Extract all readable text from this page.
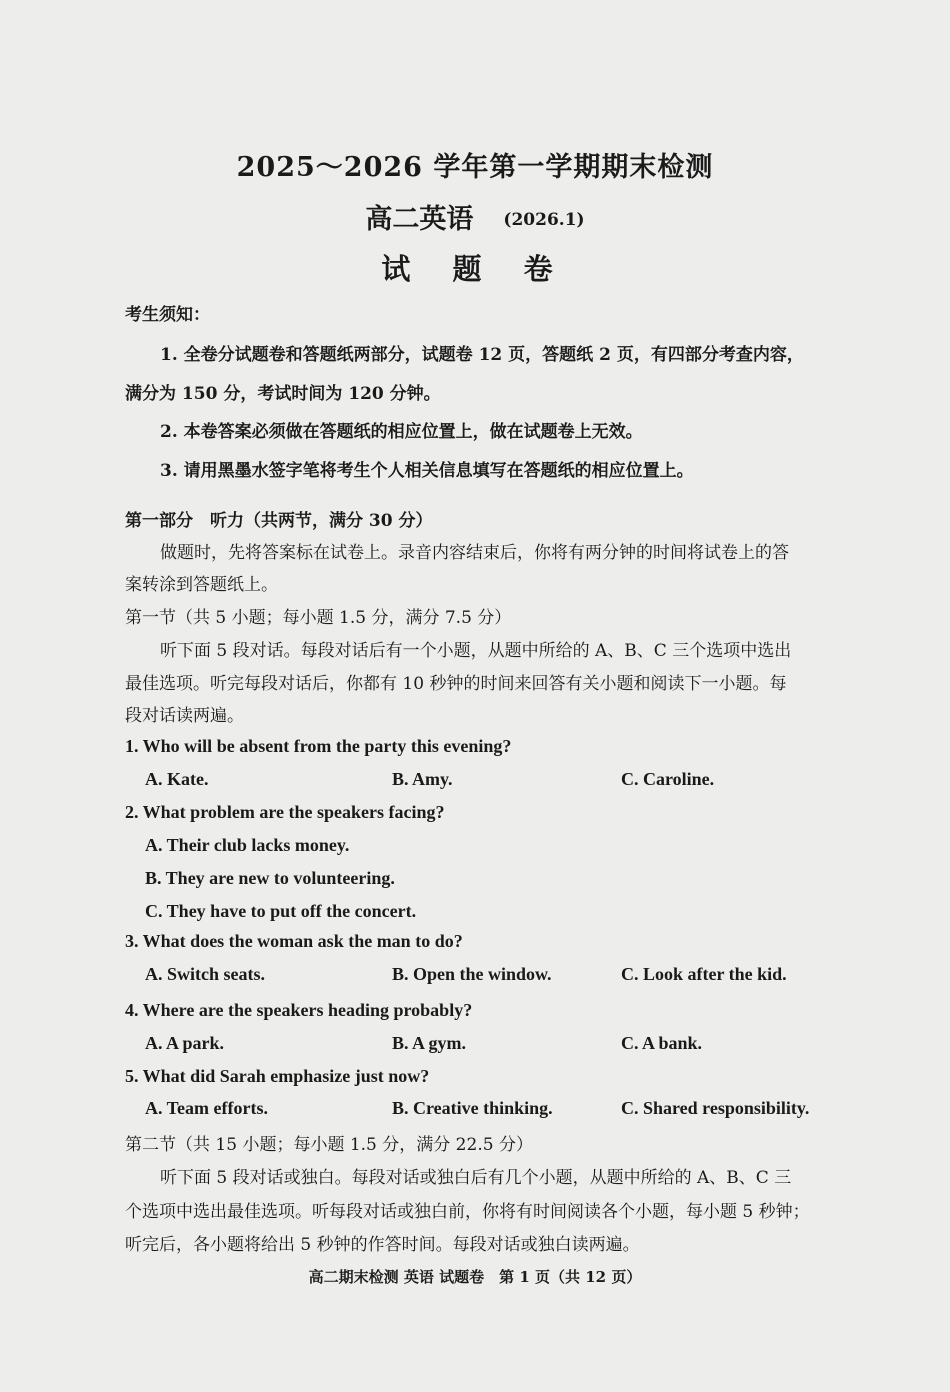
2025～2026 学年第一学期期末检测
高二英语 (2026.1)
试 题 卷
考生须知：
1. 全卷分试题卷和答题纸两部分，试题卷 12 页，答题纸 2 页，有四部分考查内容，
满分为 150 分，考试时间为 120 分钟。
2. 本卷答案必须做在答题纸的相应位置上，做在试题卷上无效。
3. 请用黑墨水签字笔将考生个人相关信息填写在答题纸的相应位置上。
第一部分　听力（共两节，满分 30 分）
做题时，先将答案标在试卷上。录音内容结束后，你将有两分钟的时间将试卷上的答
案转涂到答题纸上。
第一节（共 5 小题；每小题 1.5 分，满分 7.5 分）
听下面 5 段对话。每段对话后有一个小题，从题中所给的 A、B、C 三个选项中选出
最佳选项。听完每段对话后，你都有 10 秒钟的时间来回答有关小题和阅读下一小题。每
段对话读两遍。
1. Who will be absent from the party this evening?
A. Kate.	B. Amy.	C. Caroline.
2. What problem are the speakers facing?
A. Their club lacks money.
B. They are new to volunteering.
C. They have to put off the concert.
3. What does the woman ask the man to do?
A. Switch seats.	B. Open the window.	C. Look after the kid.
4. Where are the speakers heading probably?
A. A park.	B. A gym.	C. A bank.
5. What did Sarah emphasize just now?
A. Team efforts.	B. Creative thinking.	C. Shared responsibility.
第二节（共 15 小题；每小题 1.5 分，满分 22.5 分）
听下面 5 段对话或独白。每段对话或独白后有几个小题，从题中所给的 A、B、C 三
个选项中选出最佳选项。听每段对话或独白前，你将有时间阅读各个小题，每小题 5 秒钟；
听完后，各小题将给出 5 秒钟的作答时间。每段对话或独白读两遍。
高二期末检测 英语 试题卷　第 1 页（共 12 页）
